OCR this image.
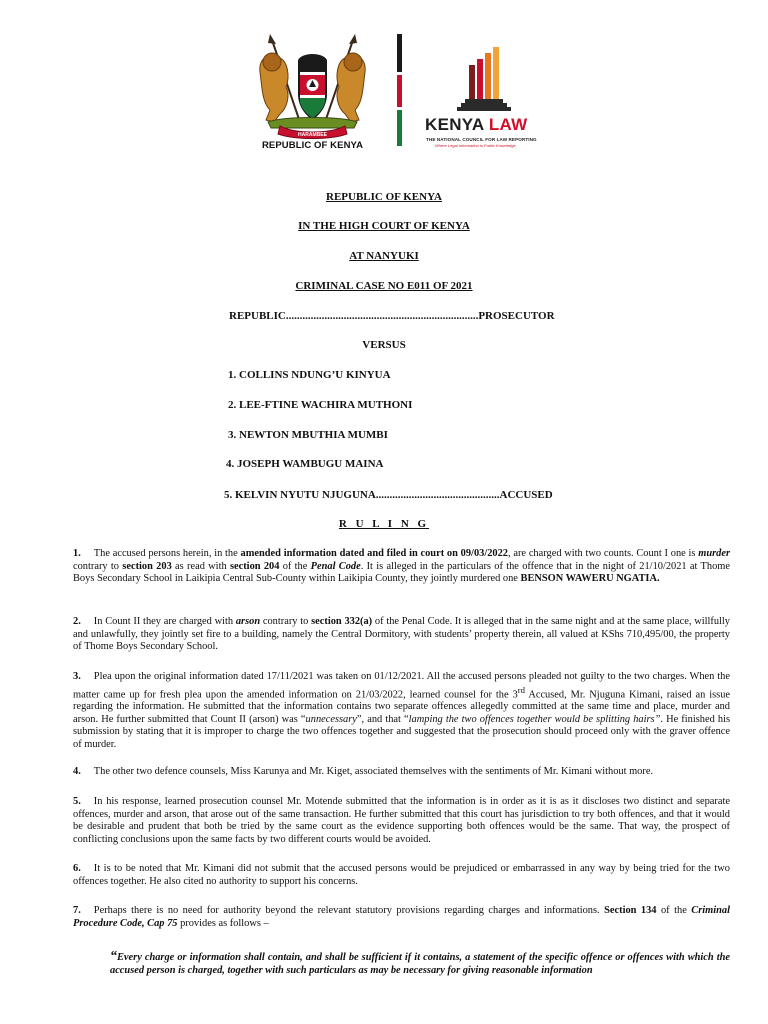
HARAMBEE
REPUBLIC OF KENYA
KENYA LAW
THE NATIONAL COUNCIL FOR LAW REPORTING
Where Legal Information is Public Knowledge
REPUBLIC OF KENYA
IN THE HIGH COURT OF KENYA
AT NANYUKI
CRIMINAL CASE NO E011 OF 2021
REPUBLIC......................................................................PROSECUTOR
VERSUS
1. COLLINS NDUNG’U KINYUA
2. LEE-FTINE WACHIRA MUTHONI
3. NEWTON MBUTHIA MUMBI
4. JOSEPH WAMBUGU MAINA
5. KELVIN NYUTU NJUGUNA.............................................ACCUSED
R U L I N G
1. The accused persons herein, in the amended information dated and filed in court on 09/03/2022, are charged with two counts. Count I one is murder contrary to section 203 as read with section 204 of the Penal Code. It is alleged in the particulars of the offence that in the night of 21/10/2021 at Thome Boys Secondary School in Laikipia Central Sub-County within Laikipia County, they jointly murdered one BENSON WAWERU NGATIA.
2. In Count II they are charged with arson contrary to section 332(a) of the Penal Code. It is alleged that in the same night and at the same place, willfully and unlawfully, they jointly set fire to a building, namely the Central Dormitory, with students’ property therein, all valued at KShs 710,495/00, the property of Thome Boys Secondary School.
3. Plea upon the original information dated 17/11/2021 was taken on 01/12/2021. All the accused persons pleaded not guilty to the two charges. When the matter came up for fresh plea upon the amended information on 21/03/2022, learned counsel for the 3rd Accused, Mr. Njuguna Kimani, raised an issue regarding the information. He submitted that the information contains two separate offences allegedly committed at the same time and place, murder and arson. He further submitted that Count II (arson) was “unnecessary”, and that “lamping the two offences together would be splitting hairs”. He finished his submission by stating that it is improper to charge the two offences together and suggested that the prosecution should proceed only with the graver offence of murder.
4. The other two defence counsels, Miss Karunya and Mr. Kiget, associated themselves with the sentiments of Mr. Kimani without more.
5. In his response, learned prosecution counsel Mr. Motende submitted that the information is in order as it is as it discloses two distinct and separate offences, murder and arson, that arose out of the same transaction. He further submitted that this court has jurisdiction to try both offences, and that it would be desirable and prudent that both be tried by the same court as the evidence supporting both offences would be the same. That way, the prospect of conflicting conclusions upon the same facts by two different courts would be avoided.
6. It is to be noted that Mr. Kimani did not submit that the accused persons would be prejudiced or embarrassed in any way by being tried for the two offences together. He also cited no authority to support his concerns.
7. Perhaps there is no need for authority beyond the relevant statutory provisions regarding charges and informations. Section 134 of the Criminal Procedure Code, Cap 75 provides as follows –
“Every charge or information shall contain, and shall be sufficient if it contains, a statement of the specific offence or offences with which the accused person is charged, together with such particulars as may be necessary for giving reasonable information
